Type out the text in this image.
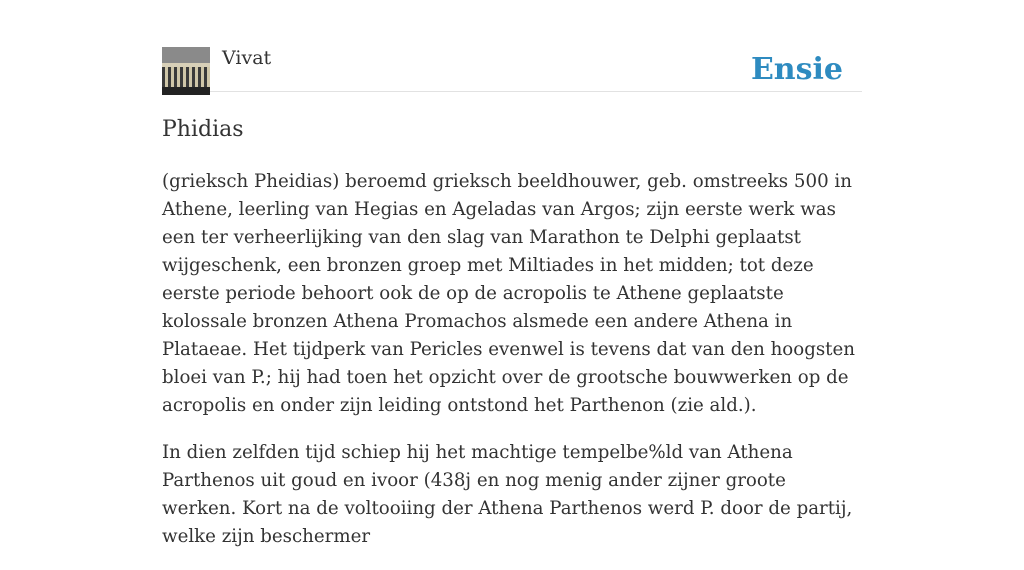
Vivat	Ensie
Phidias

(grieksch Pheidias) beroemd grieksch beeldhouwer, geb. omstreeks 500 in Athene, leerling van Hegias en Ageladas van Argos; zijn eerste werk was een ter verheerlijking van den slag van Marathon te Delphi geplaatst wijgeschenk, een bronzen groep met Miltiades in het midden; tot deze eerste periode behoort ook de op de acropolis te Athene geplaatste kolossale bronzen Athena Promachos alsmede een andere Athena in Plataeae. Het tijdperk van Pericles evenwel is tevens dat van den hoogsten bloei van P.; hij had toen het opzicht over de grootsche bouwwerken op de acropolis en onder zijn leiding ontstond het Parthenon (zie ald.).

In dien zelfden tijd schiep hij het machtige tempelbe%ld van Athena Parthenos uit goud en ivoor (438j en nog menig ander zijner groote werken. Kort na de voltooiing der Athena Parthenos werd P. door de partij, welke zijn beschermer
